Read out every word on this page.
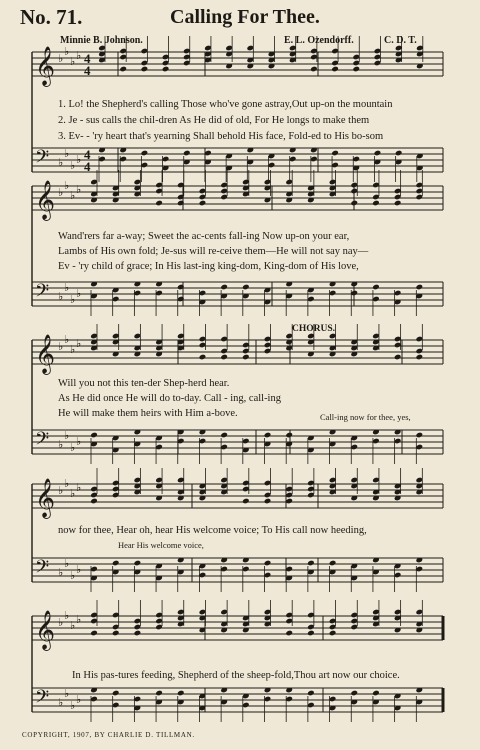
No. 71.	Calling For Thee.
Minnie B. Johnson.	E. L. Ozendorff.	C. D. T.
𝄞 ♭
♭
♭ ♭
𝄢 ♭
♭
♭ ♭
4
4
4
4
𝄞 ♭
♭
♭ ♭
𝄢 ♭
♭
♭ ♭
𝄞 ♭
♭
♭ ♭
𝄢 ♭
♭
♭ ♭
𝄞 ♭
♭
♭ ♭
𝄢 ♭
♭
♭ ♭
𝄞 ♭
♭
♭ ♭
𝄢 ♭
♭
♭ ♭
1. Lo! the Shepherd's calling Those who've gone astray,Out up-on the mountain
2. Je - sus calls the chil-dren As He did of old, For He longs to make them
3. Ev- - 'ry heart that's yearning Shall behold His face, Fold-ed to His bo-som
Wand'rers far a-way; Sweet the ac-cents fall-ing Now up-on your ear,
Lambs of His own fold; Je-sus will re-ceive them—He will not say nay—
Ev - 'ry child of grace; In His last-ing king-dom, King-dom of His love,
CHORUS.
Will you not this ten-der Shep-herd hear.
As He did once He will do to-day. Call - ing, call-ing
He will make them heirs with Him a-bove.	Call-ing now for thee, yes,
now for thee, Hear oh, hear His welcome voice; To His call now heeding,
Hear His welcome voice,
In His pas-tures feeding, Shepherd of the sheep-fold,Thou art now our choice.
COPYRIGHT, 1907, BY CHARLIE D. TILLMAN.
